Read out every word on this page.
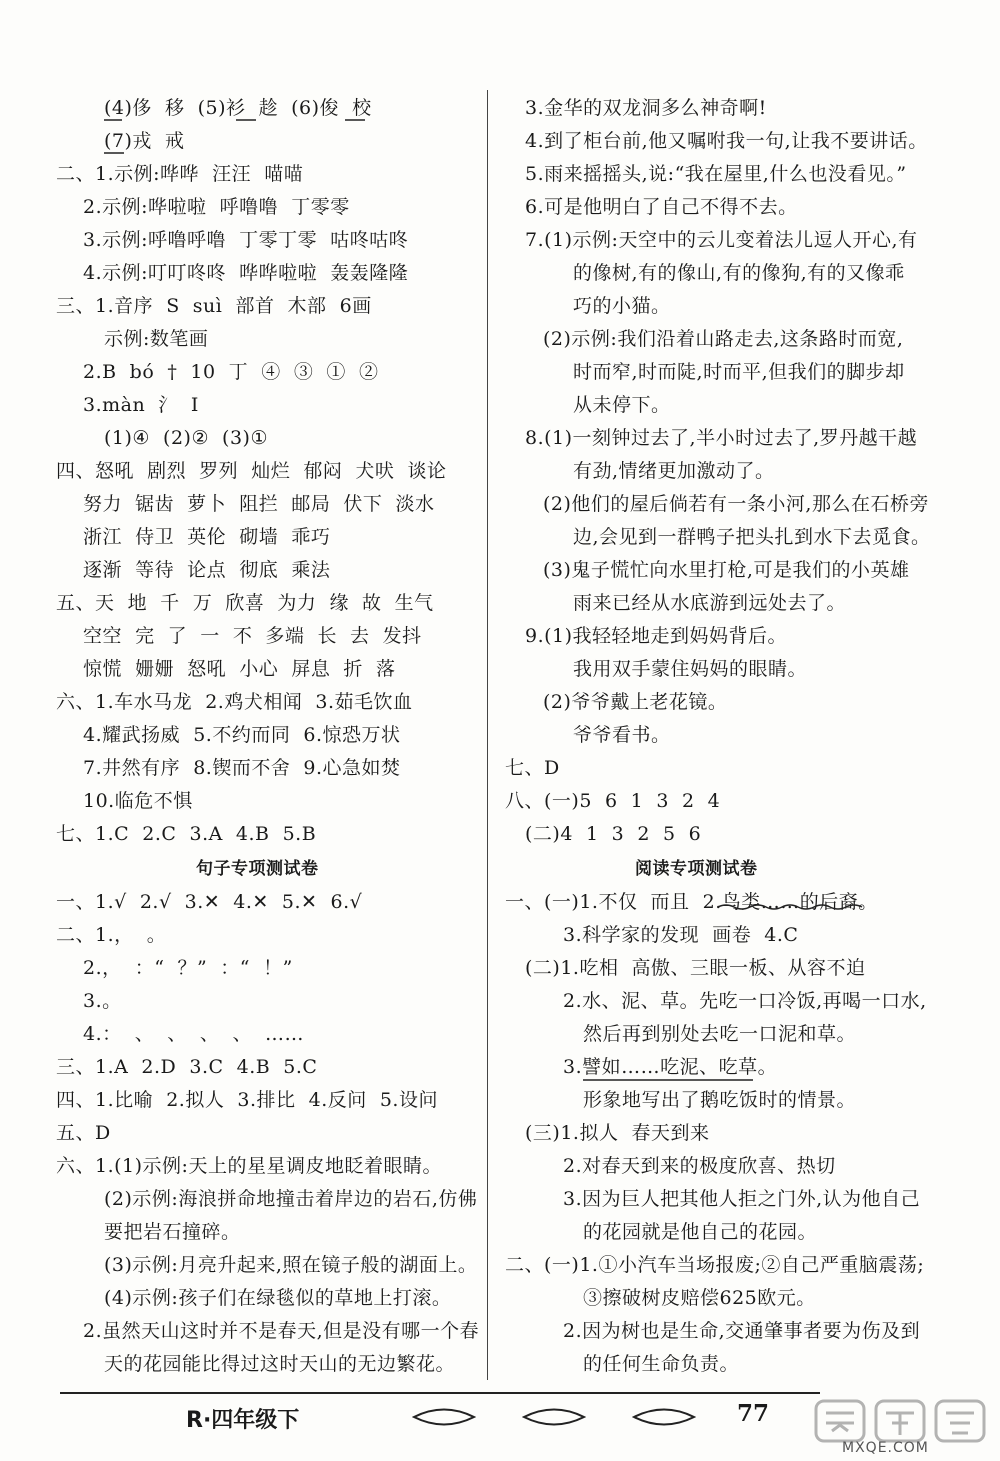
(4)侈  移  (5)衫  趁  (6)俊  校
(7)戎  戒
二、1.示例:哗哗  汪汪  喵喵
2.示例:哗啦啦  呼噜噜  丁零零
3.示例:呼噜呼噜  丁零丁零  咕咚咕咚
4.示例:叮叮咚咚  哗哗啦啦  轰轰隆隆
三、1.音序  S  suì  部首  木部  6画
示例:数笔画
2.B  bó  †  10  丁  ④  ③  ①  ②
3.màn  氵  I
(1)④  (2)②  (3)①
四、怒吼  剧烈  罗列  灿烂  郁闷  犬吠  谈论
努力  锯齿  萝卜  阻拦  邮局  伏下  淡水
浙江  侍卫  英伦  砌墙  乖巧
逐渐  等待  论点  彻底  乘法
五、天  地  千  万  欣喜  为力  缘  故  生气
空空  完  了  一  不  多端  长  去  发抖
惊慌  姗姗  怒吼  小心  屏息  折  落
六、1.车水马龙  2.鸡犬相闻  3.茹毛饮血
4.耀武扬威  5.不约而同  6.惊恐万状
7.井然有序  8.锲而不舍  9.心急如焚
10.临危不惧
七、1.C  2.C  3.A  4.B  5.B
句子专项测试卷
一、1.√  2.√  3.✕  4.✕  5.✕  6.√
二、1.，  。
2.，  ：“  ？”  ：“  ！”
3.。
4.：  、  、  、  、  ……
三、1.A  2.D  3.C  4.B  5.C
四、1.比喻  2.拟人  3.排比  4.反问  5.设问
五、D
六、1.(1)示例:天上的星星调皮地眨着眼睛。
(2)示例:海浪拼命地撞击着岸边的岩石,仿佛
要把岩石撞碎。
(3)示例:月亮升起来,照在镜子般的湖面上。
(4)示例:孩子们在绿毯似的草地上打滚。
2.虽然天山这时并不是春天,但是没有哪一个春
天的花园能比得过这时天山的无边繁花。
3.金华的双龙洞多么神奇啊!
4.到了柜台前,他又嘱咐我一句,让我不要讲话。
5.雨来摇摇头,说:“我在屋里,什么也没看见。”
6.可是他明白了自己不得不去。
7.(1)示例:天空中的云儿变着法儿逗人开心,有
的像树,有的像山,有的像狗,有的又像乖
巧的小猫。
(2)示例:我们沿着山路走去,这条路时而宽,
时而窄,时而陡,时而平,但我们的脚步却
从未停下。
8.(1)一刻钟过去了,半小时过去了,罗丹越干越
有劲,情绪更加激动了。
(2)他们的屋后倘若有一条小河,那么在石桥旁
边,会见到一群鸭子把头扎到水下去觅食。
(3)鬼子慌忙向水里打枪,可是我们的小英雄
雨来已经从水底游到远处去了。
9.(1)我轻轻地走到妈妈背后。
我用双手蒙住妈妈的眼睛。
(2)爷爷戴上老花镜。
爷爷看书。
七、D
八、(一)5  6  1  3  2  4
(二)4  1  3  2  5  6
阅读专项测试卷
一、(一)1.不仅  而且  2.鸟类……的后裔。
3.科学家的发现  画卷  4.C
(二)1.吃相  高傲、三眼一板、从容不迫
2.水、泥、草。先吃一口冷饭,再喝一口水,
然后再到别处去吃一口泥和草。
3.譬如……吃泥、吃草。
形象地写出了鹅吃饭时的情景。
(三)1.拟人  春天到来
2.对春天到来的极度欣喜、热切
3.因为巨人把其他人拒之门外,认为他自己
的花园就是他自己的花园。
二、(一)1.①小汽车当场报废;②自己严重脑震荡;
③擦破树皮赔偿625欧元。
2.因为树也是生命,交通肇事者要为伤及到
的任何生命负责。
R·四年级下	77
MXQE.COM
